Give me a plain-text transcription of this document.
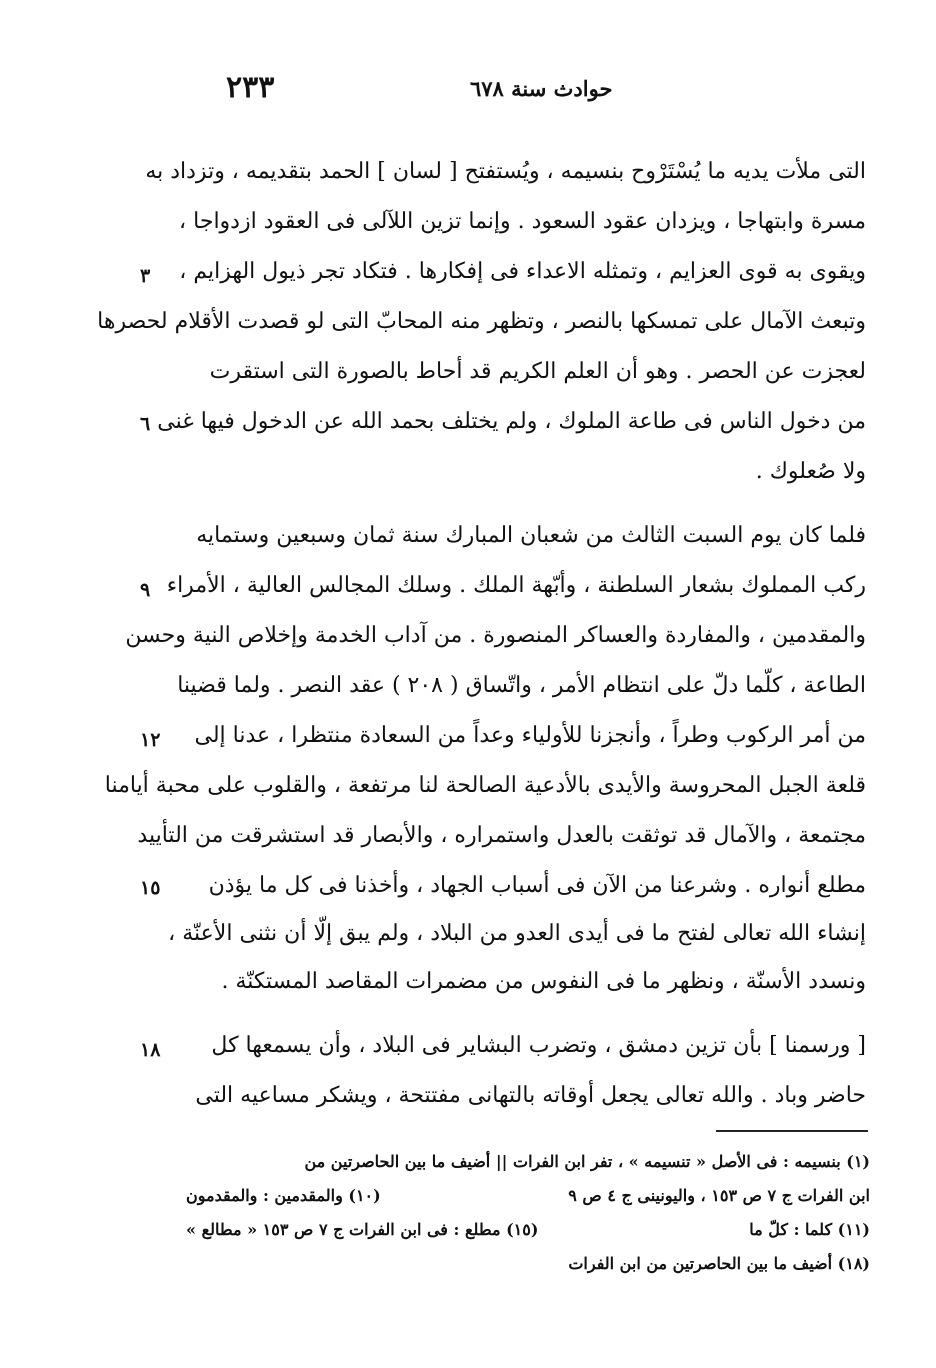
٢٣٣	حوادث سنة ٦٧٨
التى ملأت يديه ما يُسْتَرْوح بنسيمه ، ويُستفتح [ لسان ] الحمد بتقديمه ، وتزداد به
مسرة وابتهاجا ، ويزدان عقود السعود . وإنما تزين اللآلى فى العقود ازدواجا ،
ويقوى به قوى العزايم ، وتمثله الاعداء فى إفكارها . فتكاد تجر ذيول الهزايم ،
وتبعث الآمال على تمسكها بالنصر ، وتظهر منه المحابّ التى لو قصدت الأقلام لحصرها
لعجزت عن الحصر . وهو أن العلم الكريم قد أحاط بالصورة التى استقرت
من دخول الناس فى طاعة الملوك ، ولم يختلف بحمد الله عن الدخول فيها غنى
ولا صُعلوك .
فلما كان يوم السبت الثالث من شعبان المبارك سنة ثمان وسبعين وستمايه
ركب المملوك بشعار السلطنة ، وأبّهة الملك . وسلك المجالس العالية ، الأمراء
والمقدمين ، والمفاردة والعساكر المنصورة . من آداب الخدمة وإخلاص النية وحسن
الطاعة ، كلّما دلّ على انتظام الأمر ، واتّساق ( ٢٠٨ ) عقد النصر . ولما قضينا
من أمر الركوب وطراً ، وأنجزنا للأولياء وعداً من السعادة منتظرا ، عدنا إلى
قلعة الجبل المحروسة والأيدى بالأدعية الصالحة لنا مرتفعة ، والقلوب على محبة أيامنا
مجتمعة ، والآمال قد توثقت بالعدل واستمراره ، والأبصار قد استشرقت من التأييد
مطلع أنواره . وشرعنا من الآن فى أسباب الجهاد ، وأخذنا فى كل ما يؤذن
إنشاء الله تعالى لفتح ما فى أيدى العدو من البلاد ، ولم يبق إلّا أن نثنى الأعنّة ،
ونسدد الأسنّة ، ونظهر ما فى النفوس من مضمرات المقاصد المستكنّة .
[ ورسمنا ] بأن تزين دمشق ، وتضرب البشاير فى البلاد ، وأن يسمعها كل
حاضر وباد . والله تعالى يجعل أوقاته بالتهانى مفتتحة ، ويشكر مساعيه التى
٣
٦
٩
١٢
١٥
١٨
(١) بنسيمه : فى الأصل « تنسيمه » ، تفر ابن الفرات || أضيف ما بين الحاصرتين من
ابن الفرات ج ٧ ص ١٥٣ ، واليونينى ج ٤ ص ٩
(١٠) والمقدمين : والمقدمون
(١١) كلما : كلّ ما
(١٥) مطلع : فى ابن الفرات ج ٧ ص ١٥٣ « مطالع »
(١٨) أضيف ما بين الحاصرتين من ابن الفرات
